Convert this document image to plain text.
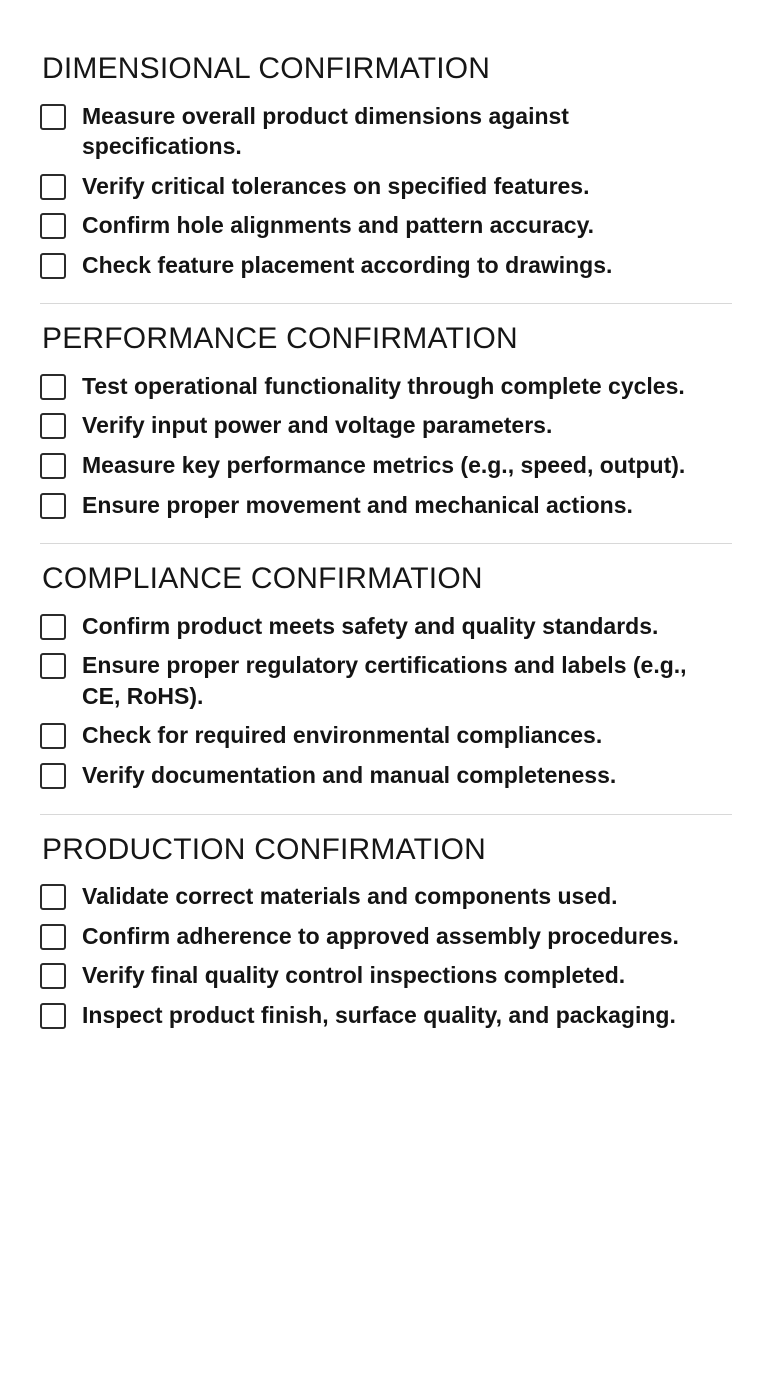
DIMENSIONAL CONFIRMATION
Measure overall product dimensions against specifications.
Verify critical tolerances on specified features.
Confirm hole alignments and pattern accuracy.
Check feature placement according to drawings.
PERFORMANCE CONFIRMATION
Test operational functionality through complete cycles.
Verify input power and voltage parameters.
Measure key performance metrics (e.g., speed, output).
Ensure proper movement and mechanical actions.
COMPLIANCE CONFIRMATION
Confirm product meets safety and quality standards.
Ensure proper regulatory certifications and labels (e.g., CE, RoHS).
Check for required environmental compliances.
Verify documentation and manual completeness.
PRODUCTION CONFIRMATION
Validate correct materials and components used.
Confirm adherence to approved assembly procedures.
Verify final quality control inspections completed.
Inspect product finish, surface quality, and packaging.
